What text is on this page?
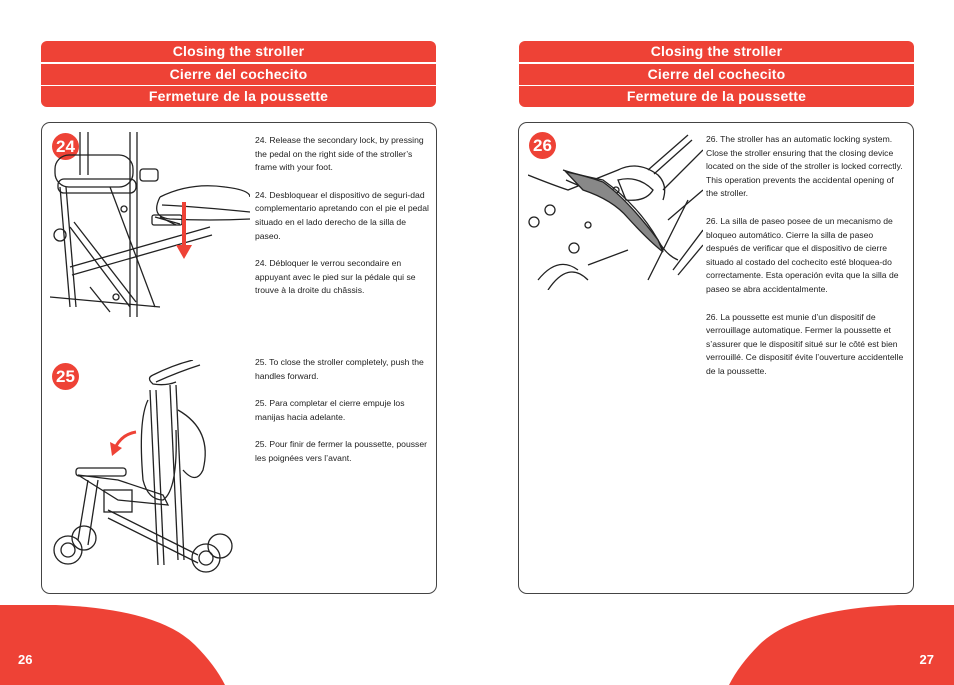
Closing the stroller
Cierre del cochecito
Fermeture de la poussette
Closing the stroller
Cierre del cochecito
Fermeture de la poussette
24	24. Release the secondary lock, by pressing the pedal on the right side of the stroller’s frame with your foot.

24. Desbloquear el dispositivo de seguri-dad complementario apretando con el pie el pedal situado en el lado derecho de la silla de paseo.

24. Débloquer le verrou secondaire en appuyant avec le pied sur la pédale qui se trouve à la droite du châssis.

25

25. To close the stroller completely, push the handles forward.

25. Para completar el cierre empuje los manijas hacia adelante.

25. Pour finir de fermer la poussette, pousser les poignées vers l’avant.

26	26. The stroller has an automatic locking system. Close the stroller ensuring that the closing device located on the side of the stroller is locked correctly. This operation prevents the accidental opening of the stroller.

26. La silla de paseo posee de un mecanismo de bloqueo automático. Cierre la silla de paseo después de verificar que el dispositivo de cierre situado al costado del cochecito esté bloquea-do correctamente. Esta operación evita que la silla de paseo se abra accidentalmente.

26. La poussette est munie d’un dispositif de verrouillage automatique. Fermer la poussette et s’assurer que le dispositif situé sur le côté est bien verrouillé. Ce dispositif évite l’ouverture accidentelle de la poussette.

26	27
